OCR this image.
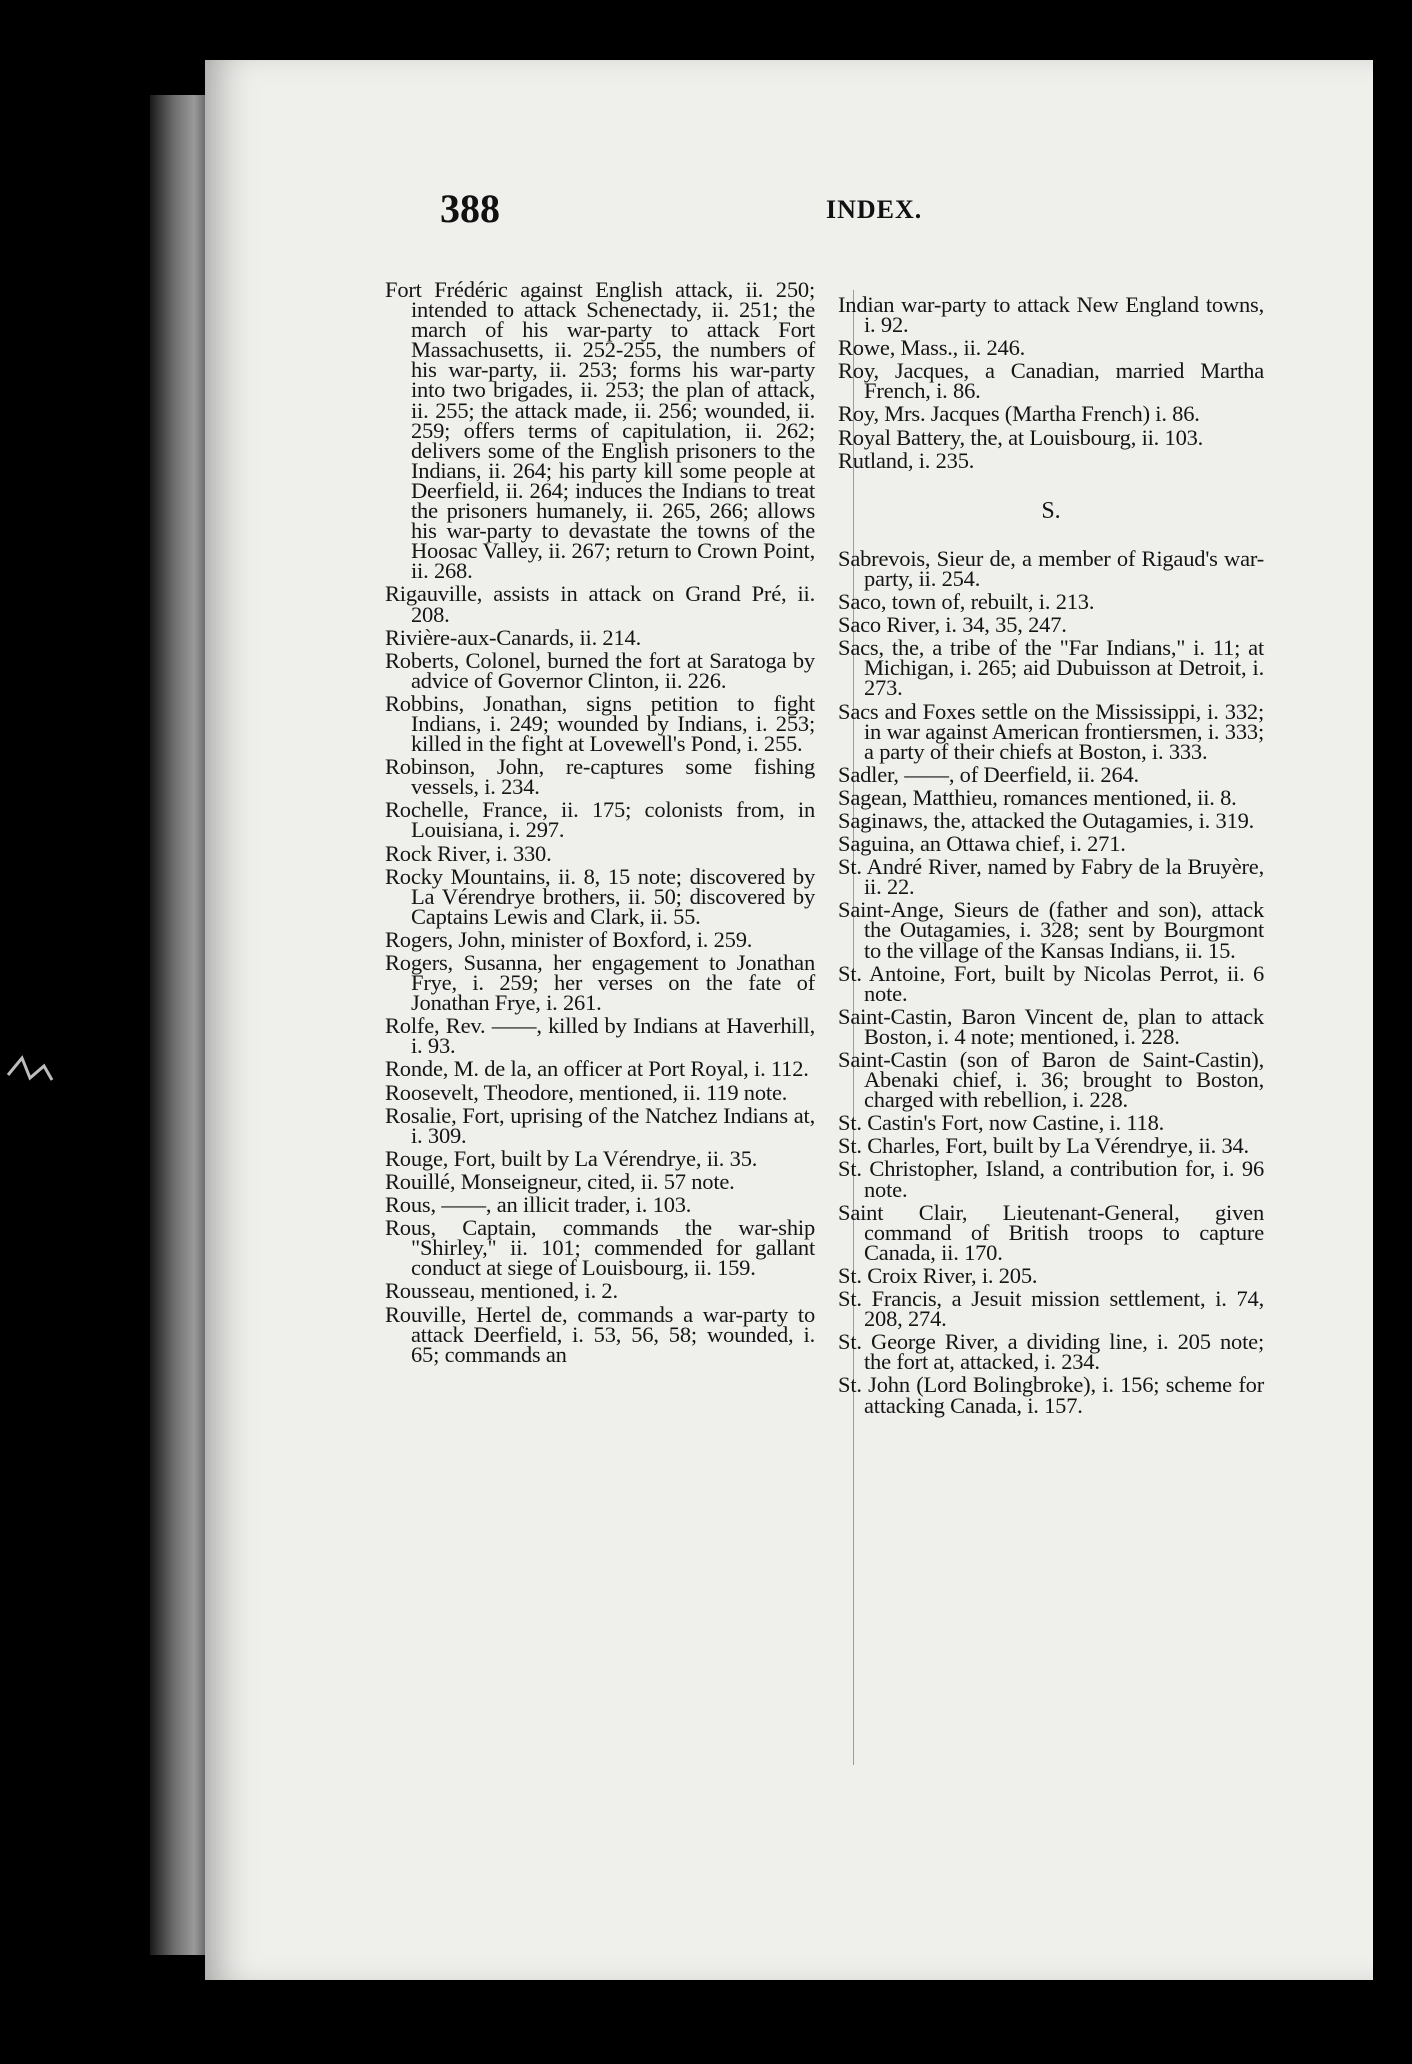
388	INDEX.

Fort Frédéric against English attack, ii. 250; intended to attack Schenectady, ii. 251; the march of his war-party to attack Fort Massachusetts, ii. 252-255, the numbers of his war-party, ii. 253; forms his war-party into two brigades, ii. 253; the plan of attack, ii. 255; the attack made, ii. 256; wounded, ii. 259; offers terms of capitulation, ii. 262; delivers some of the English prisoners to the Indians, ii. 264; his party kill some people at Deerfield, ii. 264; induces the Indians to treat the prisoners humanely, ii. 265, 266; allows his war-party to devastate the towns of the Hoosac Valley, ii. 267; return to Crown Point, ii. 268.

Rigauville, assists in attack on Grand Pré, ii. 208.

Rivière-aux-Canards, ii. 214.

Roberts, Colonel, burned the fort at Saratoga by advice of Governor Clinton, ii. 226.

Robbins, Jonathan, signs petition to fight Indians, i. 249; wounded by Indians, i. 253; killed in the fight at Lovewell's Pond, i. 255.

Robinson, John, re-captures some fishing vessels, i. 234.

Rochelle, France, ii. 175; colonists from, in Louisiana, i. 297.

Rock River, i. 330.

Rocky Mountains, ii. 8, 15 note; discovered by La Vérendrye brothers, ii. 50; discovered by Captains Lewis and Clark, ii. 55.

Rogers, John, minister of Boxford, i. 259.

Rogers, Susanna, her engagement to Jonathan Frye, i. 259; her verses on the fate of Jonathan Frye, i. 261.

Rolfe, Rev. ——, killed by Indians at Haverhill, i. 93.

Ronde, M. de la, an officer at Port Royal, i. 112.

Roosevelt, Theodore, mentioned, ii. 119 note.

Rosalie, Fort, uprising of the Natchez Indians at, i. 309.

Rouge, Fort, built by La Vérendrye, ii. 35.

Rouillé, Monseigneur, cited, ii. 57 note.

Rous, ——, an illicit trader, i. 103.

Rous, Captain, commands the war-ship "Shirley," ii. 101; commended for gallant conduct at siege of Louisbourg, ii. 159.

Rousseau, mentioned, i. 2.

Rouville, Hertel de, commands a war-party to attack Deerfield, i. 53, 56, 58; wounded, i. 65; commands an

Indian war-party to attack New England towns, i. 92.

Rowe, Mass., ii. 246.

Roy, Jacques, a Canadian, married Martha French, i. 86.

Roy, Mrs. Jacques (Martha French) i. 86.

Royal Battery, the, at Louisbourg, ii. 103.

Rutland, i. 235.

S.

Sabrevois, Sieur de, a member of Rigaud's war-party, ii. 254.

Saco, town of, rebuilt, i. 213.

Saco River, i. 34, 35, 247.

Sacs, the, a tribe of the "Far Indians," i. 11; at Michigan, i. 265; aid Dubuisson at Detroit, i. 273.

Sacs and Foxes settle on the Mississippi, i. 332; in war against American frontiersmen, i. 333; a party of their chiefs at Boston, i. 333.

Sadler, ——, of Deerfield, ii. 264.

Sagean, Matthieu, romances mentioned, ii. 8.

Saginaws, the, attacked the Outagamies, i. 319.

Saguina, an Ottawa chief, i. 271.

St. André River, named by Fabry de la Bruyère, ii. 22.

Saint-Ange, Sieurs de (father and son), attack the Outagamies, i. 328; sent by Bourgmont to the village of the Kansas Indians, ii. 15.

St. Antoine, Fort, built by Nicolas Perrot, ii. 6 note.

Saint-Castin, Baron Vincent de, plan to attack Boston, i. 4 note; mentioned, i. 228.

Saint-Castin (son of Baron de Saint-Castin), Abenaki chief, i. 36; brought to Boston, charged with rebellion, i. 228.

St. Castin's Fort, now Castine, i. 118.

St. Charles, Fort, built by La Vérendrye, ii. 34.

St. Christopher, Island, a contribution for, i. 96 note.

Saint Clair, Lieutenant-General, given command of British troops to capture Canada, ii. 170.

St. Croix River, i. 205.

St. Francis, a Jesuit mission settlement, i. 74, 208, 274.

St. George River, a dividing line, i. 205 note; the fort at, attacked, i. 234.

St. John (Lord Bolingbroke), i. 156; scheme for attacking Canada, i. 157.
